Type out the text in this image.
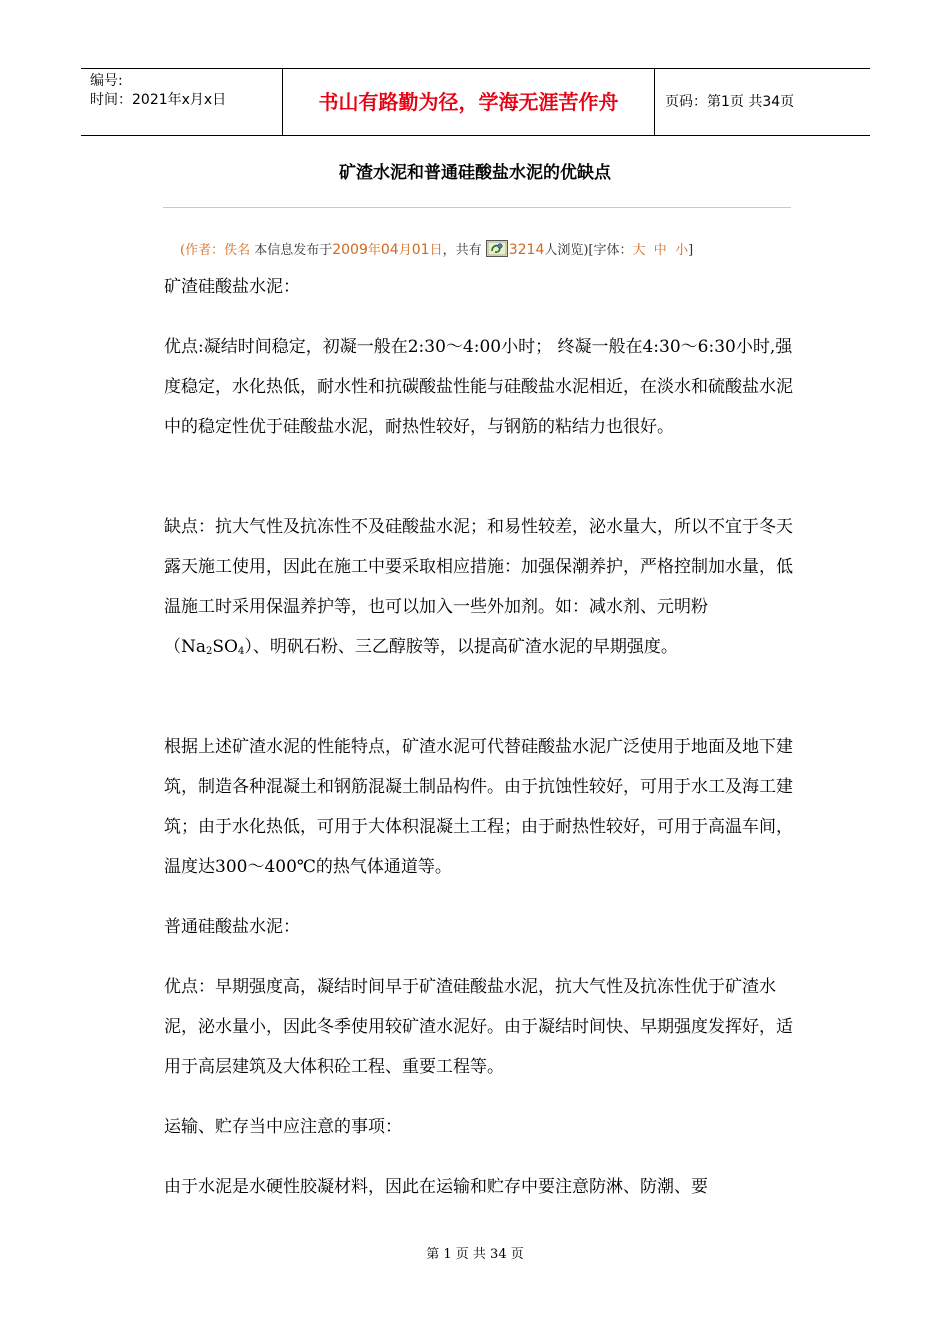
编号:
时间：2021年x月x日	书山有路勤为径，学海无涯苦作舟	页码：第1页 共34页
矿渣水泥和普通硅酸盐水泥的优缺点
(作者：佚名 本信息发布于2009年04月01日，共有 3214人浏览)[字体：大 中 小]

矿渣硅酸盐水泥：

优点:凝结时间稳定，初凝一般在2:30～4:00小时； 终凝一般在4:30～6:30小时,强度稳定，水化热低，耐水性和抗碳酸盐性能与硅酸盐水泥相近，在淡水和硫酸盐水泥中的稳定性优于硅酸盐水泥，耐热性较好，与钢筋的粘结力也很好。

缺点：抗大气性及抗冻性不及硅酸盐水泥；和易性较差，泌水量大，所以不宜于冬天露天施工使用，因此在施工中要采取相应措施：加强保潮养护，严格控制加水量，低温施工时采用保温养护等，也可以加入一些外加剂。如：减水剂、元明粉$(Na_2SO_4)$、明矾石粉、三乙醇胺等，以提高矿渣水泥的早期强度。

根据上述矿渣水泥的性能特点，矿渣水泥可代替硅酸盐水泥广泛使用于地面及地下建筑，制造各种混凝土和钢筋混凝土制品构件。由于抗蚀性较好，可用于水工及海工建筑；由于水化热低，可用于大体积混凝土工程；由于耐热性较好，可用于高温车间，温度达300～400℃的热气体通道等。

普通硅酸盐水泥：

优点：早期强度高，凝结时间早于矿渣硅酸盐水泥，抗大气性及抗冻性优于矿渣水泥，泌水量小，因此冬季使用较矿渣水泥好。由于凝结时间快、早期强度发挥好，适用于高层建筑及大体积砼工程、重要工程等。

运输、贮存当中应注意的事项：

由于水泥是水硬性胶凝材料，因此在运输和贮存中要注意防淋、防潮、要

第 1 页 共 34 页
